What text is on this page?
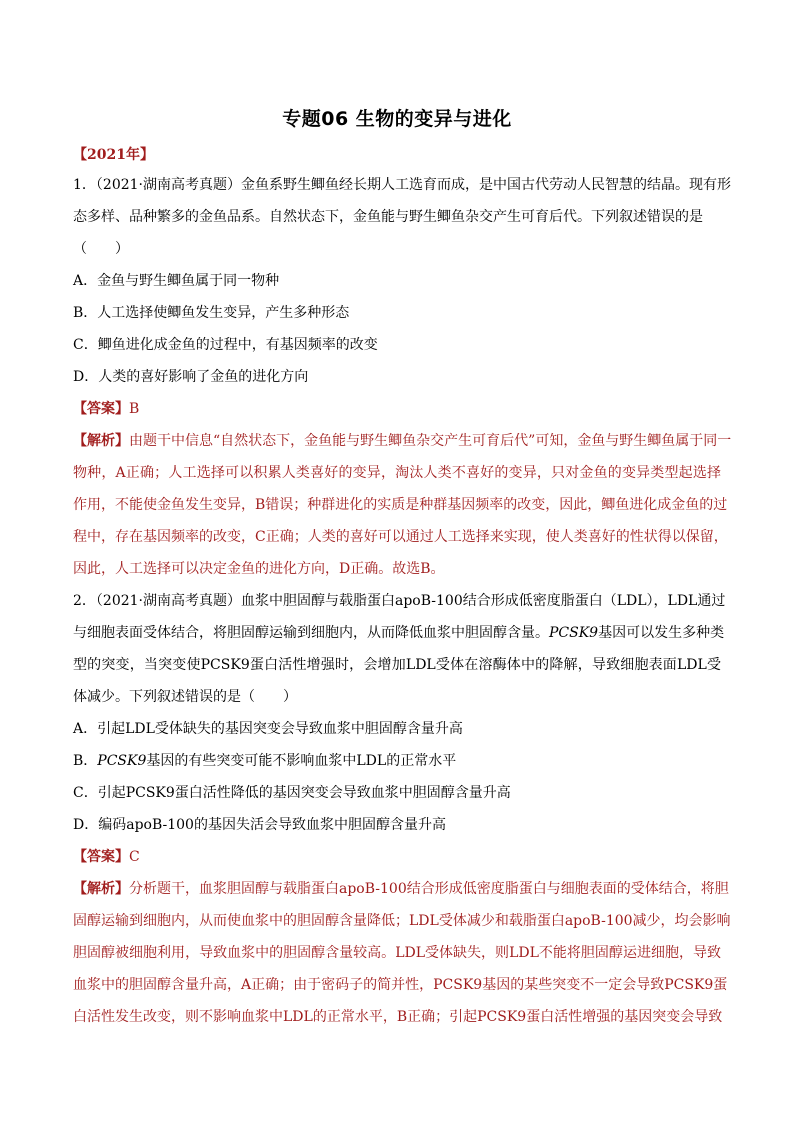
专题06 生物的变异与进化
【2021年】
1．（2021·湖南高考真题）金鱼系野生鲫鱼经长期人工选育而成，是中国古代劳动人民智慧的结晶。现有形
态多样、品种繁多的金鱼品系。自然状态下，金鱼能与野生鲫鱼杂交产生可育后代。下列叙述错误的是
（　　）
A．金鱼与野生鲫鱼属于同一物种
B．人工选择使鲫鱼发生变异，产生多种形态
C．鲫鱼进化成金鱼的过程中，有基因频率的改变
D．人类的喜好影响了金鱼的进化方向
【答案】B
【解析】由题干中信息“自然状态下，金鱼能与野生鲫鱼杂交产生可育后代”可知，金鱼与野生鲫鱼属于同一
物种，A正确；人工选择可以积累人类喜好的变异，淘汰人类不喜好的变异，只对金鱼的变异类型起选择
作用，不能使金鱼发生变异，B错误；种群进化的实质是种群基因频率的改变，因此，鲫鱼进化成金鱼的过
程中，存在基因频率的改变，C正确；人类的喜好可以通过人工选择来实现，使人类喜好的性状得以保留，
因此，人工选择可以决定金鱼的进化方向，D正确。故选B。
2．（2021·湖南高考真题）血浆中胆固醇与载脂蛋白apoB-100结合形成低密度脂蛋白（LDL），LDL通过
与细胞表面受体结合，将胆固醇运输到细胞内，从而降低血浆中胆固醇含量。PCSK9基因可以发生多种类
型的突变，当突变使PCSK9蛋白活性增强时，会增加LDL受体在溶酶体中的降解，导致细胞表面LDL受
体减少。下列叙述错误的是（　　）
A．引起LDL受体缺失的基因突变会导致血浆中胆固醇含量升高
B．PCSK9基因的有些突变可能不影响血浆中LDL的正常水平
C．引起PCSK9蛋白活性降低的基因突变会导致血浆中胆固醇含量升高
D．编码apoB-100的基因失活会导致血浆中胆固醇含量升高
【答案】C
【解析】分析题干，血浆胆固醇与载脂蛋白apoB-100结合形成低密度脂蛋白与细胞表面的受体结合，将胆
固醇运输到细胞内，从而使血浆中的胆固醇含量降低；LDL受体减少和载脂蛋白apoB-100减少，均会影响
胆固醇被细胞利用，导致血浆中的胆固醇含量较高。LDL受体缺失，则LDL不能将胆固醇运进细胞，导致
血浆中的胆固醇含量升高，A正确；由于密码子的简并性，PCSK9基因的某些突变不一定会导致PCSK9蛋
白活性发生改变，则不影响血浆中LDL的正常水平，B正确；引起PCSK9蛋白活性增强的基因突变会导致
